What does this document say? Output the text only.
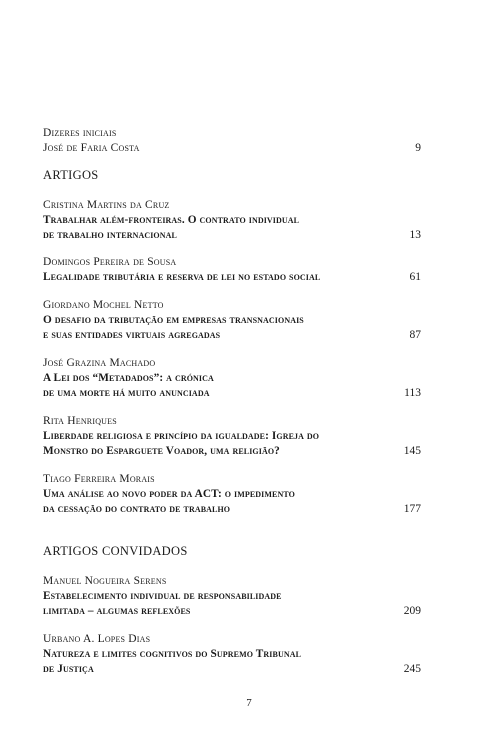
Dizeres iniciais
José de Faria Costa	9
ARTIGOS
Cristina Martins da Cruz
Trabalhar além-fronteiras. O contrato individual
de trabalho internacional	13
Domingos Pereira de Sousa
Legalidade tributária e reserva de lei no estado social	61
Giordano Mochel Netto
O desafio da tributação em empresas transnacionais
e suas entidades virtuais agregadas	87
José Grazina Machado
A Lei dos “Metadados”: a crónica
de uma morte há muito anunciada	113
Rita Henriques
Liberdade religiosa e princípio da igualdade: Igreja do
Monstro do Esparguete Voador, uma religião?	145
Tiago Ferreira Morais
Uma análise ao novo poder da ACT: o impedimento
da cessação do contrato de trabalho	177
ARTIGOS CONVIDADOS
Manuel Nogueira Serens
Estabelecimento individual de responsabilidade
limitada – algumas reflexões	209
Urbano A. Lopes Dias
Natureza e limites cognitivos do Supremo Tribunal
de Justiça	245
7
